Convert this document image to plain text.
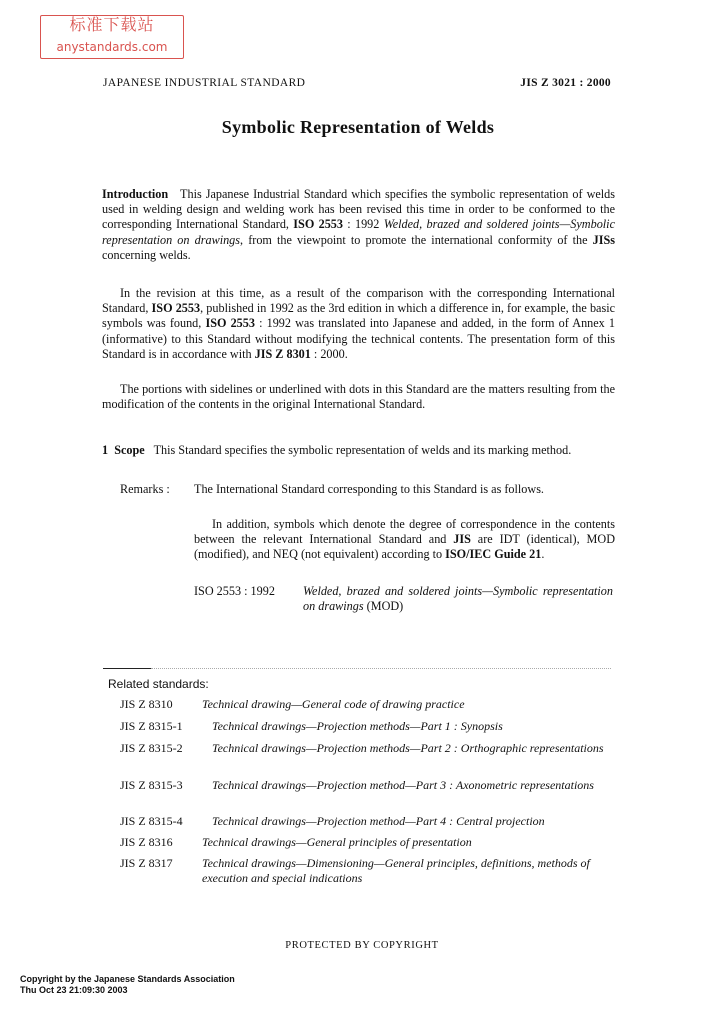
标准下载站
anystandards.com
JAPANESE INDUSTRIAL STANDARD	JIS Z 3021 : 2000
Symbolic Representation of Welds
Introduction This Japanese Industrial Standard which specifies the symbolic representation of welds used in welding design and welding work has been revised this time in order to be conformed to the corresponding International Standard, ISO 2553 : 1992 Welded, brazed and soldered joints—Symbolic representation on drawings, from the viewpoint to promote the international conformity of the JISs concerning welds.
In the revision at this time, as a result of the comparison with the corresponding International Standard, ISO 2553, published in 1992 as the 3rd edition in which a difference in, for example, the basic symbols was found, ISO 2553 : 1992 was translated into Japanese and added, in the form of Annex 1 (informative) to this Standard without modifying the technical contents. The presentation form of this Standard is in accordance with JIS Z 8301 : 2000.
The portions with sidelines or underlined with dots in this Standard are the matters resulting from the modification of the contents in the original International Standard.
1 Scope This Standard specifies the symbolic representation of welds and its marking method.
Remarks : The International Standard corresponding to this Standard is as follows.
In addition, symbols which denote the degree of correspondence in the contents between the relevant International Standard and JIS are IDT (identical), MOD (modified), and NEQ (not equivalent) according to ISO/IEC Guide 21.
ISO 2553 : 1992 Welded, brazed and soldered joints—Symbolic representation on drawings (MOD)
Related standards:
JIS Z 8310 Technical drawing—General code of drawing practice
JIS Z 8315-1 Technical drawings—Projection methods—Part 1 : Synopsis
JIS Z 8315-2 Technical drawings—Projection methods—Part 2 : Orthographic representations
JIS Z 8315-3 Technical drawings—Projection method—Part 3 : Axonometric representations
JIS Z 8315-4 Technical drawings—Projection method—Part 4 : Central projection
JIS Z 8316 Technical drawings—General principles of presentation
JIS Z 8317 Technical drawings—Dimensioning—General principles, definitions, methods of execution and special indications
PROTECTED BY COPYRIGHT
Copyright by the Japanese Standards Association
Thu Oct 23 21:09:30 2003
